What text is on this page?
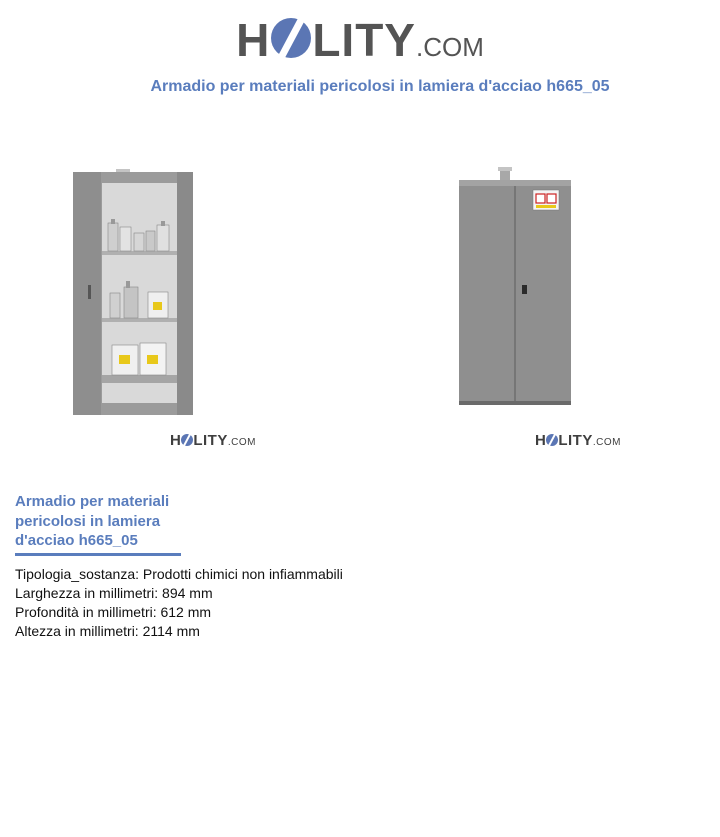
H LITY.COM
Armadio per materiali pericolosi in lamiera d'acciao h665_05
H LITY.COM	H LITY.COM
Armadio per materiali pericolosi in lamiera d'acciao h665_05
Tipologia_sostanza: Prodotti chimici non infiammabili
Larghezza in millimetri: 894 mm
Profondità in millimetri: 612 mm
Altezza in millimetri: 2114 mm
